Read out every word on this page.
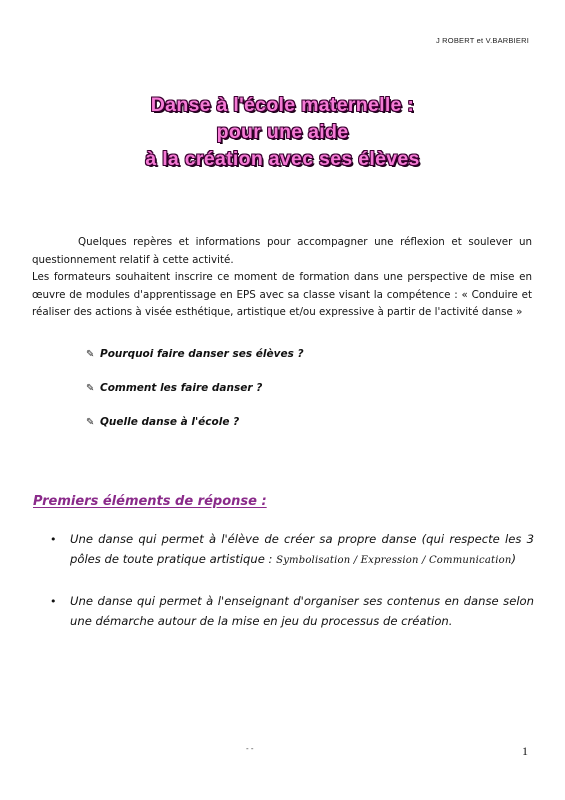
J ROBERT et V.BARBIERI
Danse à l'école maternelle :
pour une aide
à la création avec ses élèves

Quelques repères et informations pour accompagner une réflexion et soulever un questionnement relatif à cette activité.

Les formateurs souhaitent inscrire ce moment de formation dans une perspective de mise en œuvre de modules d'apprentissage en EPS avec sa classe visant la compétence : « Conduire et réaliser des actions à visée esthétique, artistique et/ou expressive à partir de l'activité danse »

✎ Pourquoi faire danser ses élèves ?
✎ Comment les faire danser ?
✎ Quelle danse à l'école ?
Premiers éléments de réponse :
• Une danse qui permet à l'élève de créer sa propre danse (qui respecte les 3 pôles de toute pratique artistique : Symbolisation / Expression / Communication)
• Une danse qui permet à l'enseignant d'organiser ses contenus en danse selon une démarche autour de la mise en jeu du processus de création.
- -	1
